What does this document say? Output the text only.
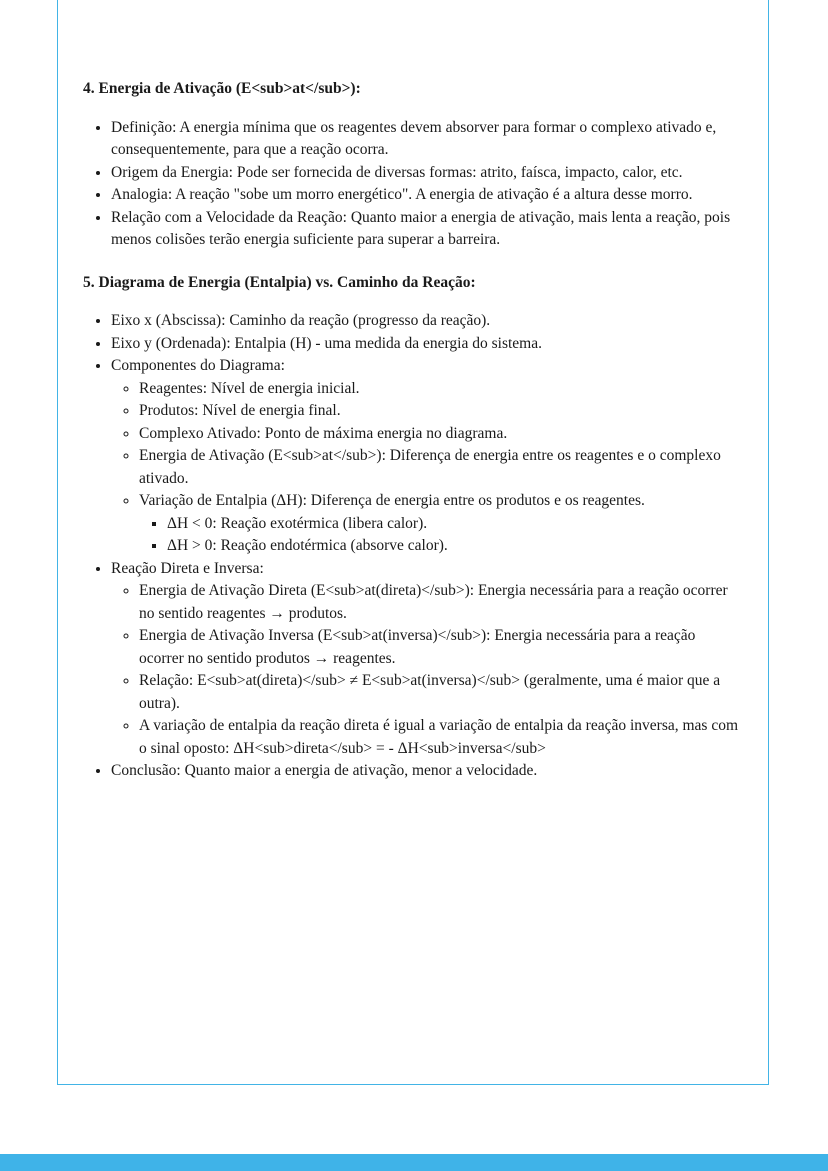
4. Energia de Ativação (E<sub>at</sub>):
• Definição: A energia mínima que os reagentes devem absorver para formar o complexo ativado e, consequentemente, para que a reação ocorra.
• Origem da Energia: Pode ser fornecida de diversas formas: atrito, faísca, impacto, calor, etc.
• Analogia: A reação "sobe um morro energético". A energia de ativação é a altura desse morro.
• Relação com a Velocidade da Reação: Quanto maior a energia de ativação, mais lenta a reação, pois menos colisões terão energia suficiente para superar a barreira.
5. Diagrama de Energia (Entalpia) vs. Caminho da Reação:
• Eixo x (Abscissa): Caminho da reação (progresso da reação).
• Eixo y (Ordenada): Entalpia (H) - uma medida da energia do sistema.
• Componentes do Diagrama:
◦ Reagentes: Nível de energia inicial.
◦ Produtos: Nível de energia final.
◦ Complexo Ativado: Ponto de máxima energia no diagrama.
◦ Energia de Ativação (E<sub>at</sub>): Diferença de energia entre os reagentes e o complexo ativado.
◦ Variação de Entalpia (ΔH): Diferença de energia entre os produtos e os reagentes.
▪ ΔH < 0: Reação exotérmica (libera calor).
▪ ΔH > 0: Reação endotérmica (absorve calor).
• Reação Direta e Inversa:
◦ Energia de Ativação Direta (E<sub>at(direta)</sub>): Energia necessária para a reação ocorrer no sentido reagentes → produtos.
◦ Energia de Ativação Inversa (E<sub>at(inversa)</sub>): Energia necessária para a reação ocorrer no sentido produtos → reagentes.
◦ Relação: E<sub>at(direta)</sub> ≠ E<sub>at(inversa)</sub> (geralmente, uma é maior que a outra).
◦ A variação de entalpia da reação direta é igual a variação de entalpia da reação inversa, mas com o sinal oposto: ΔH<sub>direta</sub> = - ΔH<sub>inversa</sub>
• Conclusão: Quanto maior a energia de ativação, menor a velocidade.
